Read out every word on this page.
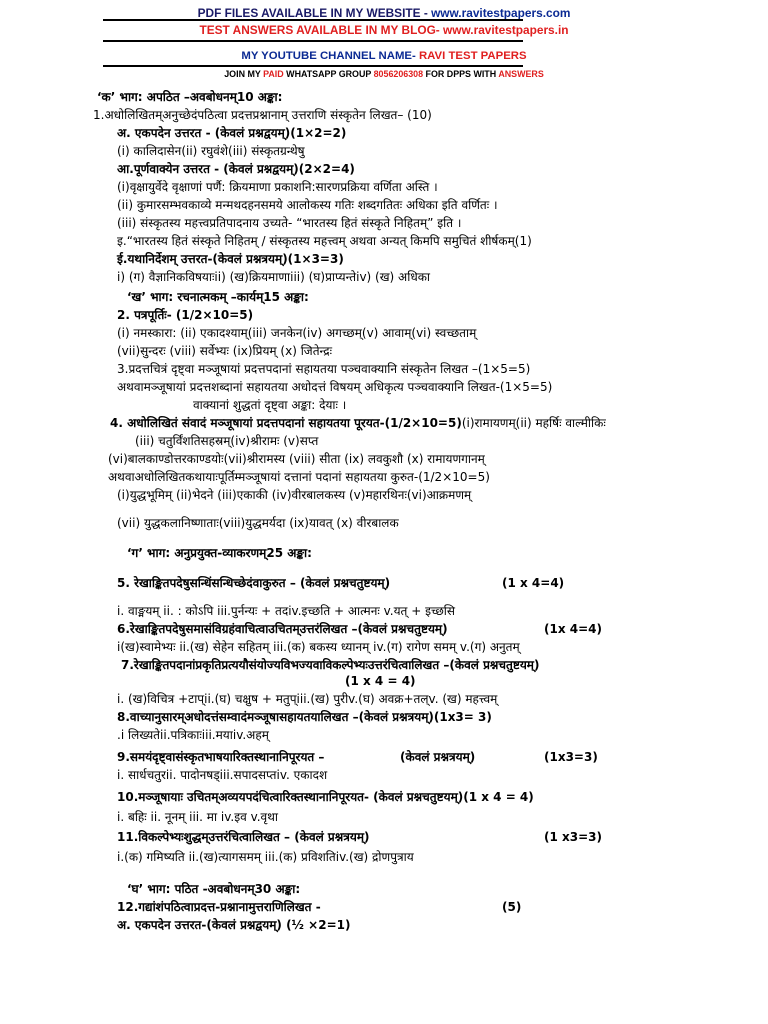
PDF FILES AVAILABLE IN MY WEBSITE - www.ravitestpapers.com
TEST ANSWERS AVAILABLE IN MY BLOG- www.ravitestpapers.in
MY YOUTUBE CHANNEL NAME- RAVI TEST PAPERS
JOIN MY PAID WHATSAPP GROUP 8056206308 FOR DPPS WITH ANSWERS
‘क’ भाग: अपठित –अवबोधनम्10 अङ्का:
1.अधोलिखितम्अनुच्छेदंपठित्वा प्रदत्तप्रश्नानाम् उत्तराणि संस्कृतेन लिखत– (10)
अ. एकपदेन उत्तरत - (केवलं प्रश्नद्वयम्)(1×2=2)
(i) कालिदासेन(ii) रघुवंशे(iii) संस्कृतग्रन्थेषु
आ.पूर्णवाक्येन उत्तरत - (केवलं प्रश्नद्वयम्)(2×2=4)
(i)वृक्षायुर्वेदे वृक्षाणां पर्णै: क्रियमाणा प्रकाशनि:सारणप्रक्रिया वर्णिता अस्ति ।
(ii) कुमारसम्भवकाव्ये मन्मथदहनसमये आलोकस्य गतिः शब्दगतितः अधिका इति वर्णितः ।
(iii) संस्कृतस्य महत्त्वप्रतिपादनाय उच्यते- “भारतस्य हितं संस्कृते निहितम्” इति ।
इ.“भारतस्य हितं संस्कृते निहितम् / संस्कृतस्य महत्त्वम् अथवा अन्यत् किमपि समुचितं शीर्षकम्(1)
ई.यथानिर्देशम् उत्तरत-(केवलं प्रश्नत्रयम्)(1×3=3)
i) (ग) वैज्ञानिकविषयाःii) (ख)क्रियमाणाiii) (घ)प्राप्यन्तेiv) (ख) अधिका
‘ख’ भाग: रचनात्मकम् –कार्यम्15 अङ्का:
2. पत्रपूर्तिः- (1/2×10=5)
(i) नमस्कारा: (ii) एकादश्याम्(iii) जनकेन(iv) अगच्छम्(v) आवाम्(vi) स्वच्छताम्
(vii)सुन्दरः (viii) सर्वेभ्यः (ix)प्रियम् (x) जितेन्द्रः
3.प्रदत्तचित्रं दृष्ट्वा मञ्जूषायां प्रदत्तपदानां सहायतया पञ्चवाक्यानि संस्कृतेन लिखत –(1×5=5)
अथवामञ्जूषायां प्रदत्तशब्दानां सहायतया अधोदत्तं विषयम् अधिकृत्य पञ्चवाक्यानि लिखत-(1×5=5)
वाक्यानां शुद्धतां दृष्ट्वा अङ्का: देयाः ।
4. अधोलिखितं संवादं मञ्जूषायां प्रदत्तपदानां सहायतया पूरयत-(1/2×10=5)(i)रामायणम्(ii) महर्षिः वाल्मीकिः
(iii) चतुर्विंशतिसहस्रम्(iv)श्रीरामः (v)सप्त
(vi)बालकाण्डोत्तरकाण्डयोः(vii)श्रीरामस्य (viii) सीता (ix) लवकुशौ (x) रामायणगानम्
अथवाअधोलिखितकथायाःपूर्तिम्मञ्जूषायां दत्तानां पदानां सहायतया कुरुत-(1/2×10=5)
(i)युद्धभूमिम् (ii)भेदने (iii)एकाकी (iv)वीरबालकस्य (v)महारथिनः(vi)आक्रमणम्
(vii) युद्धकलानिष्णाताः(viii)युद्धमर्यदा (ix)यावत् (x) वीरबालक
‘ग’ भाग: अनुप्रयुक्त-व्याकरणम्25 अङ्का:
5. रेखाङ्कितपदेषुसन्धिंसन्धिच्छेदंवाकुरुत – (केवलं प्रश्नचतुष्टयम्)	(1 x 4=4)
i. वाङ्मयम् ii. : कोऽपि iii.पुर्नन्यः + तदiv.इच्छति + आत्मनः v.यत् + इच्छसि
6.रेखाङ्कितपदेषुसमासंविग्रहंवाचित्वाउचितम्उत्तरंलिखत –(केवलं प्रश्नचतुष्टयम्)	(1x 4=4)
i(ख)स्वामेभ्यः ii.(ख) सेहेन सहितम् iii.(क) बकस्य ध्यानम् iv.(ग) रागेण समम् v.(ग) अनुतम्
7.रेखाङ्कितपदानांप्रकृतिप्रत्ययौसंयोज्यविभज्यवाविकल्पेभ्यःउत्तरंचित्वालिखत –(केवलं प्रश्नचतुष्टयम्)
(1 x 4 = 4)
i. (ख)विचित्र +टाप्ii.(घ) चक्षुष + मतुप्iii.(ख) पुरीv.(घ) अवक्र+तल्v. (ख) महत्त्वम्
8.वाच्यानुसारम्अधोदत्तंसम्वादंमञ्जूषासहायतयालिखत –(केवलं प्रश्नत्रयम्)(1x3= 3)
.i लिख्यतेii.पत्रिकाःiii.मयाiv.अहम्
9.समयंदृष्ट्वासंस्कृतभाषयारिक्तस्थानानिपूरयत –	(केवलं प्रश्नत्रयम्)	(1x3=3)
i. सार्धचतुरii. पादोनषड्iii.सपादसप्तiv. एकादश
10.मञ्जूषायाः उचितम्अव्ययपदंचित्वारिक्तस्थानानिपूरयत- (केवलं प्रश्नचतुष्टयम्)(1 x 4 = 4)
i. बहिः ii. नूनम् iii. मा iv.इव v.वृथा
11.विकल्पेभ्यःशुद्धम्उत्तरंचित्वालिखत – (केवलं प्रश्नत्रयम्)	(1 x3=3)
i.(क) गमिष्यति ii.(ख)त्यागसमम् iii.(क) प्रविशतिiv.(ख) द्रोणपुत्राय
‘घ’ भाग: पठित -अवबोधनम्30 अङ्का:
12.गद्यांशंपठित्वाप्रदत्त-प्रश्नानामुत्तराणिलिखत -	(5)
अ. एकपदेन उत्तरत-(केवलं प्रश्नद्वयम्) (½ ×2=1)
